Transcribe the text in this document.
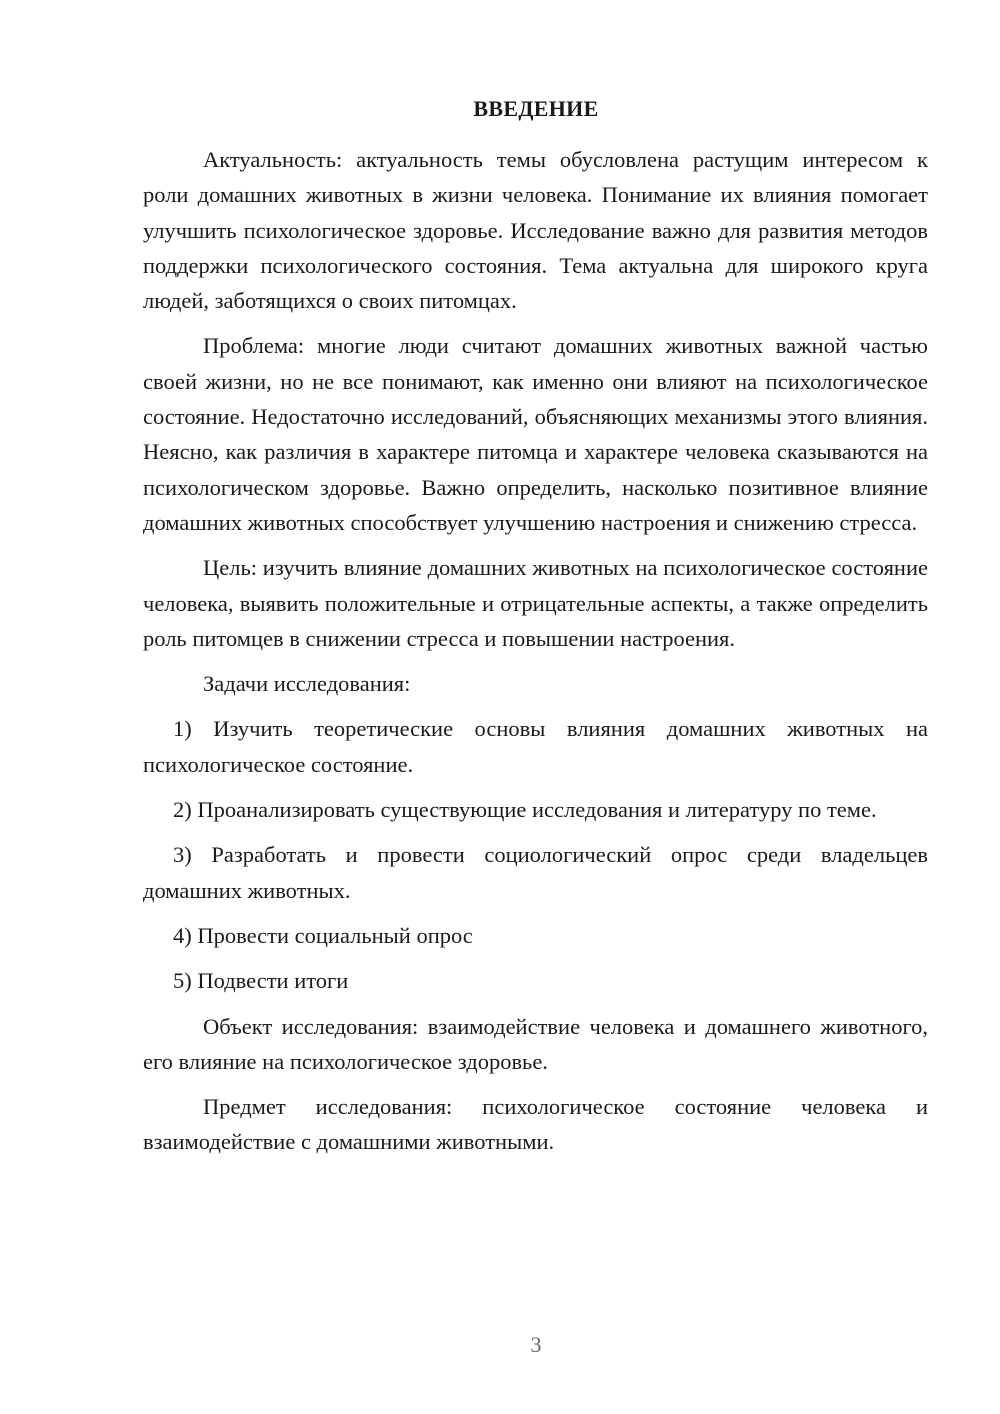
ВВЕДЕНИЕ

Актуальность: актуальность темы обусловлена растущим интересом к роли домашних животных в жизни человека. Понимание их влияния помогает улучшить психологическое здоровье. Исследование важно для развития методов поддержки психологического состояния. Тема актуальна для широкого круга людей, заботящихся о своих питомцах.

Проблема: многие люди считают домашних животных важной частью своей жизни, но не все понимают, как именно они влияют на психологическое состояние. Недостаточно исследований, объясняющих механизмы этого влияния. Неясно, как различия в характере питомца и характере человека сказываются на психологическом здоровье. Важно определить, насколько позитивное влияние домашних животных способствует улучшению настроения и снижению стресса.

Цель: изучить влияние домашних животных на психологическое состояние человека, выявить положительные и отрицательные аспекты, а также определить роль питомцев в снижении стресса и повышении настроения.

Задачи исследования:

1) Изучить теоретические основы влияния домашних животных на психологическое состояние.

2) Проанализировать существующие исследования и литературу по теме.

3) Разработать и провести социологический опрос среди владельцев домашних животных.

4) Провести социальный опрос

5) Подвести итоги

Объект исследования: взаимодействие человека и домашнего животного, его влияние на психологическое здоровье.

Предмет исследования: психологическое состояние человека и взаимодействие с домашними животными.

3
